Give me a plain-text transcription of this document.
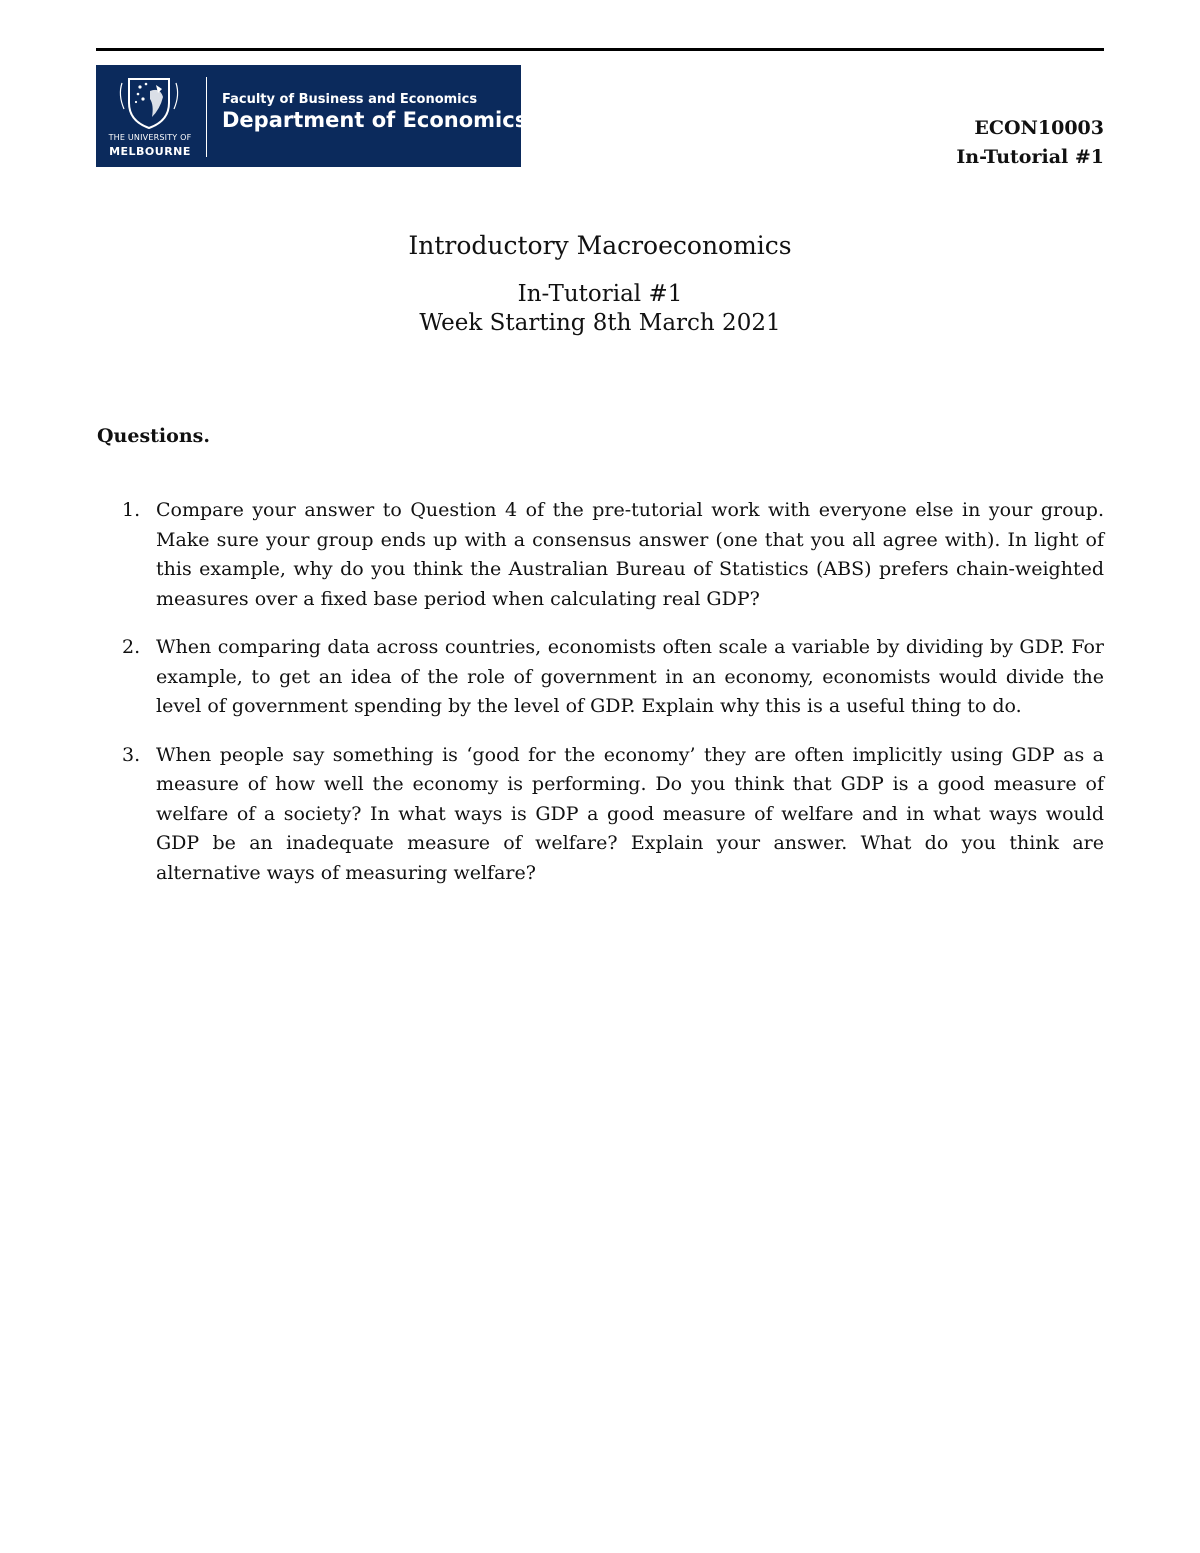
THE UNIVERSITY OF
MELBOURNE
Faculty of Business and Economics
Department of Economics	ECON10003
In-Tutorial #1
Introductory Macroeconomics
In-Tutorial #1
Week Starting 8th March 2021
Questions.
1. Compare your answer to Question 4 of the pre-tutorial work with everyone else in your group. Make sure your group ends up with a consensus answer (one that you all agree with). In light of this example, why do you think the Australian Bureau of Statistics (ABS) prefers chain-weighted measures over a fixed base period when calculating real GDP?
2. When comparing data across countries, economists often scale a variable by dividing by GDP. For example, to get an idea of the role of government in an economy, economists would divide the level of government spending by the level of GDP. Explain why this is a useful thing to do.
3. When people say something is ‘good for the economy’ they are often implicitly using GDP as a measure of how well the economy is performing. Do you think that GDP is a good measure of welfare of a society? In what ways is GDP a good measure of welfare and in what ways would GDP be an inadequate measure of welfare? Explain your answer. What do you think are alternative ways of measuring welfare?
